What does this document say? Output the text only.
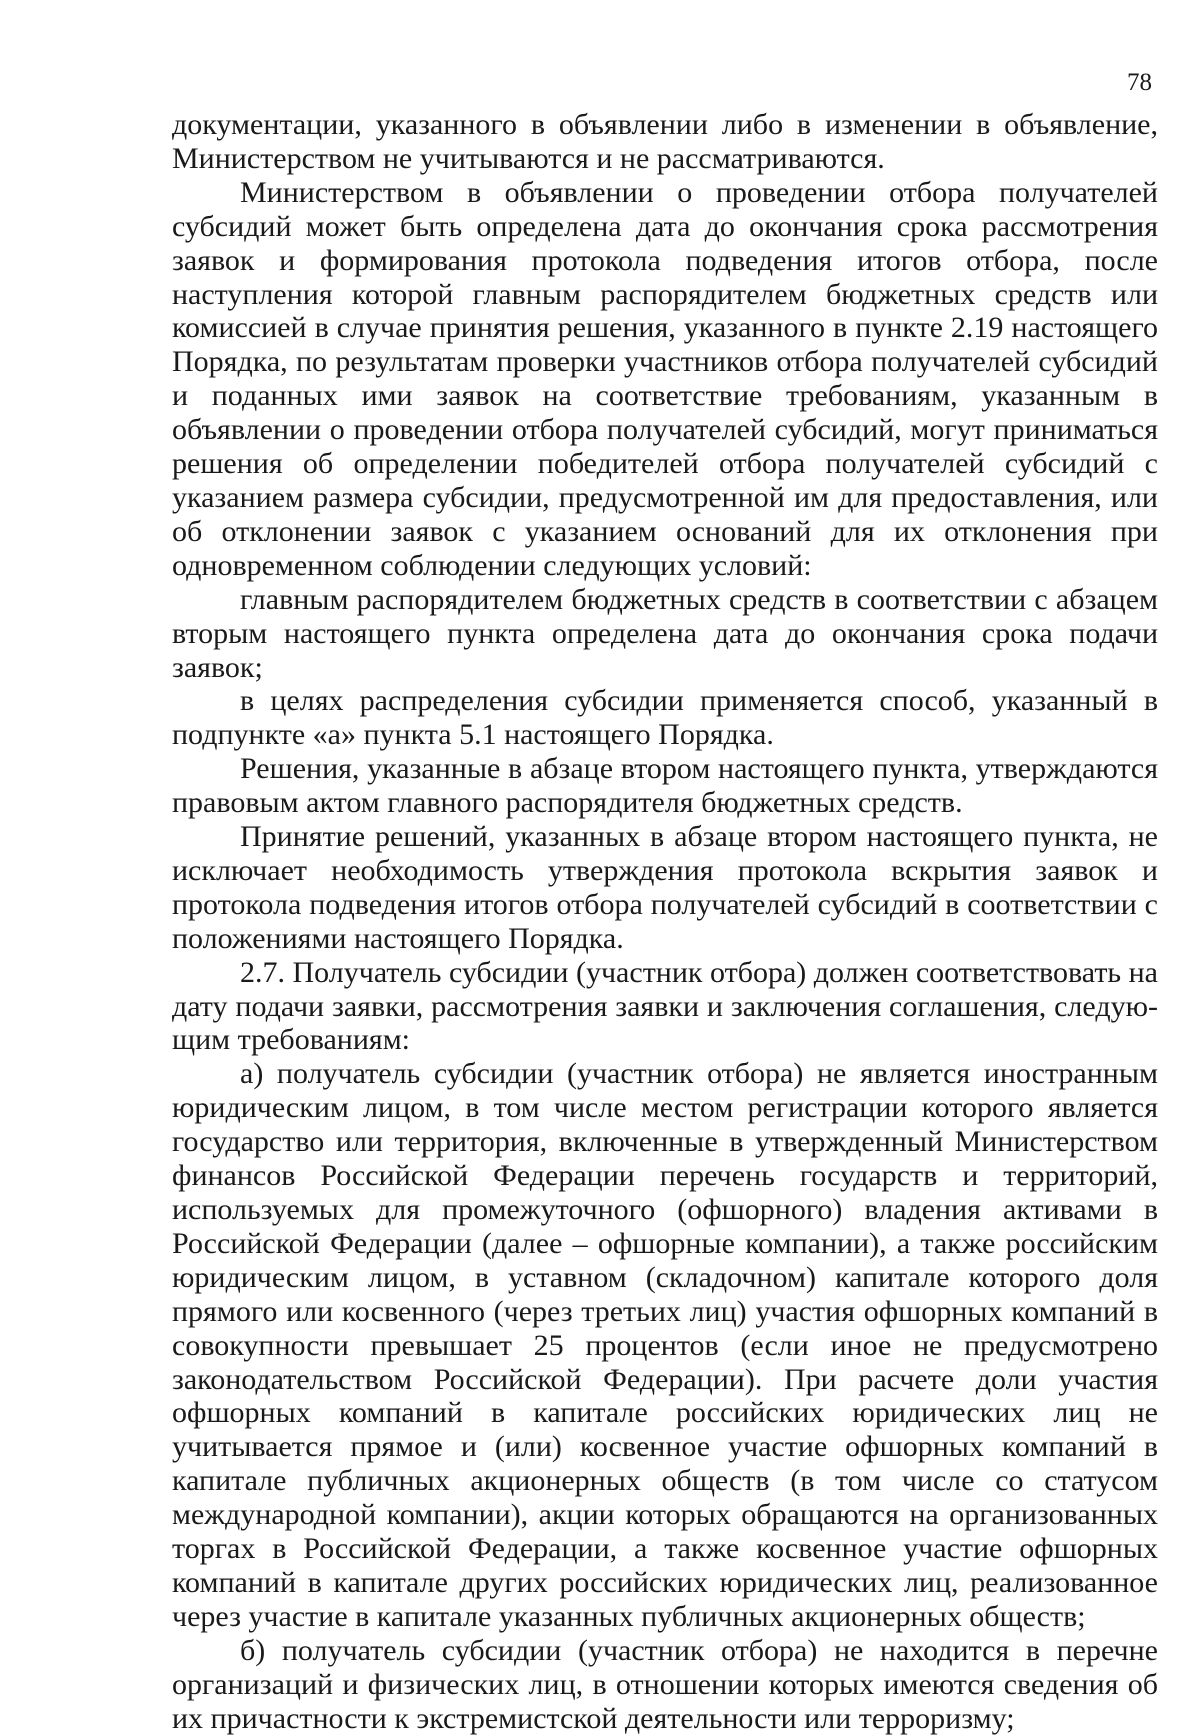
78

документации, указанного в объявлении либо в изменении в объявление, Министерством не учитываются и не рассматриваются.

Министерством в объявлении о проведении отбора получателей субсидий может быть определена дата до окончания срока рассмотрения заявок и формирования протокола подведения итогов отбора, после наступления которой главным распорядителем бюджетных средств или комиссией в случае принятия решения, указанного в пункте 2.19 настоящего Порядка, по результатам проверки участников отбора получателей субсидий и поданных ими заявок на соответствие требованиям, указанным в объявлении о проведении отбора получателей субсидий, могут приниматься решения об определении победителей отбора получателей субсидий с указанием размера субсидии, предусмотренной им для предоставления, или об отклонении заявок с указанием оснований для их отклонения при одновременном соблюдении следующих условий:

главным распорядителем бюджетных средств в соответствии с абзацем вторым настоящего пункта определена дата до окончания срока подачи заявок;

в целях распределения субсидии применяется способ, указанный в подпункте «а» пункта 5.1 настоящего Порядка.

Решения, указанные в абзаце втором настоящего пункта, утверждаются правовым актом главного распорядителя бюджетных средств.

Принятие решений, указанных в абзаце втором настоящего пункта, не исключает необходимость утверждения протокола вскрытия заявок и протокола подведения итогов отбора получателей субсидий в соответствии с положениями настоящего Порядка.

2.7. Получатель субсидии (участник отбора) должен соответствовать на дату подачи заявки, рассмотрения заявки и заключения соглашения, следующим требованиям:

а) получатель субсидии (участник отбора) не является иностранным юридическим лицом, в том числе местом регистрации которого является государство или территория, включенные в утвержденный Министерством финансов Российской Федерации перечень государств и территорий, используемых для промежуточного (офшорного) владения активами в Российской Федерации (далее – офшорные компании), а также российским юридическим лицом, в уставном (складочном) капитале которого доля прямого или косвенного (через третьих лиц) участия офшорных компаний в совокупности превышает 25 процентов (если иное не предусмотрено законодательством Российской Федерации). При расчете доли участия офшорных компаний в капитале российских юридических лиц не учитывается прямое и (или) косвенное участие офшорных компаний в капитале публичных акционерных обществ (в том числе со статусом международной компании), акции которых обращаются на организованных торгах в Российской Федерации, а также косвенное участие офшорных компаний в капитале других российских юридических лиц, реализованное через участие в капитале указанных публичных акционерных обществ;

б) получатель субсидии (участник отбора) не находится в перечне организаций и физических лиц, в отношении которых имеются сведения об их причастности к экстремистской деятельности или терроризму;
